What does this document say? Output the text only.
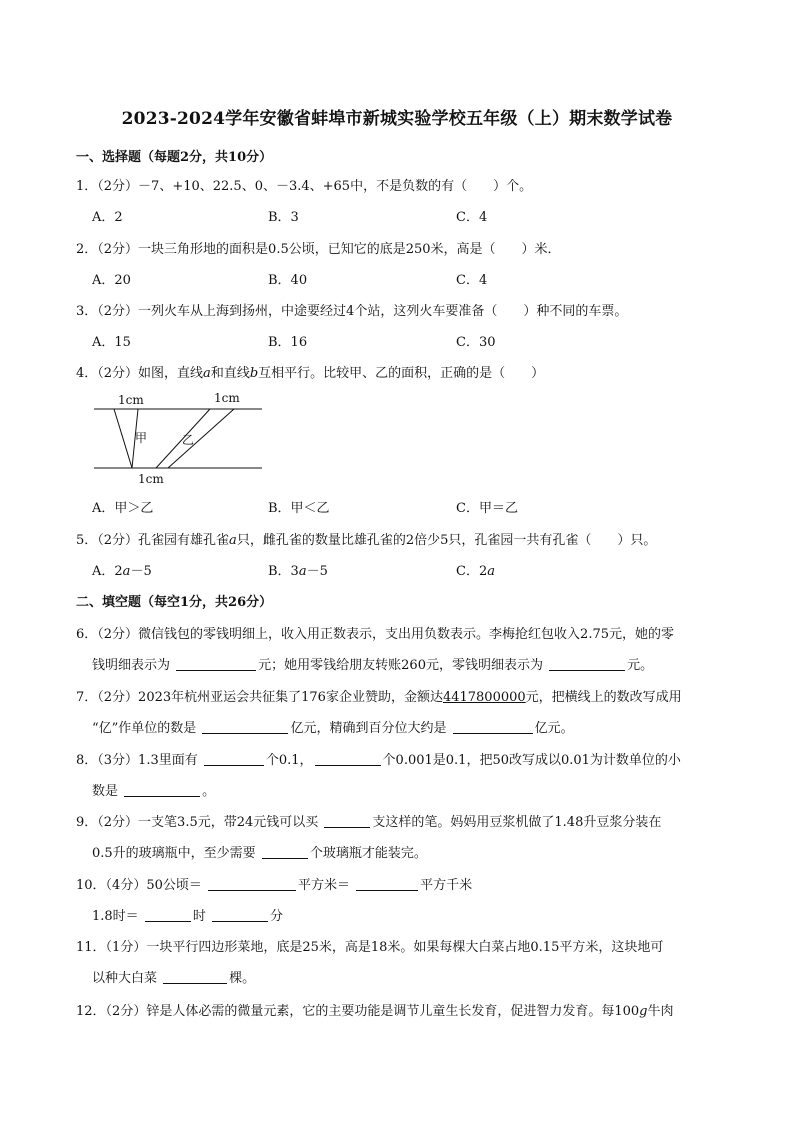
2023-2024学年安徽省蚌埠市新城实验学校五年级（上）期末数学试卷
一、选择题（每题2分，共10分）
1．（2分）－7、+10、22.5、0、－3.4、+65中，不是负数的有（　　）个。
A．2	B．3	C．4
2．（2分）一块三角形地的面积是0.5公顷，已知它的底是250米，高是（　　）米．
A．20	B．40	C．4
3．（2分）一列火车从上海到扬州，中途要经过4个站，这列火车要准备（　　）种不同的车票。
A．15	B．16	C．30
4．（2分）如图，直线a和直线b互相平行。比较甲、乙的面积，正确的是（　　）
1cm	1cm
1cm
甲	乙
A．甲＞乙	B．甲＜乙	C．甲＝乙
5．（2分）孔雀园有雄孔雀a只，雌孔雀的数量比雄孔雀的2倍少5只，孔雀园一共有孔雀（　　）只。
A．2a－5	B．3a－5	C．2a
二、填空题（每空1分，共26分）
6．（2分）微信钱包的零钱明细上，收入用正数表示，支出用负数表示。李梅抢红包收入2.75元，她的零
钱明细表示为	元；她用零钱给朋友转账260元，零钱明细表示为	元。
7．（2分）2023年杭州亚运会共征集了176家企业赞助，金额达4417800000元，把横线上的数改写成用
“亿”作单位的数是	亿元，精确到百分位大约是	亿元。
8．（3分）1.3里面有	个0.1，	个0.001是0.1，把50改写成以0.01为计数单位的小
数是	。
9．（2分）一支笔3.5元，带24元钱可以买	支这样的笔。妈妈用豆浆机做了1.48升豆浆分装在
0.5升的玻璃瓶中，至少需要	个玻璃瓶才能装完。
10．（4分）50公顷＝	平方米＝	平方千米
1.8时＝	时	分
11．（1分）一块平行四边形菜地，底是25米，高是18米。如果每棵大白菜占地0.15平方米，这块地可
以种大白菜	棵。
12．（2分）锌是人体必需的微量元素，它的主要功能是调节儿童生长发育，促进智力发育。每100g牛肉
